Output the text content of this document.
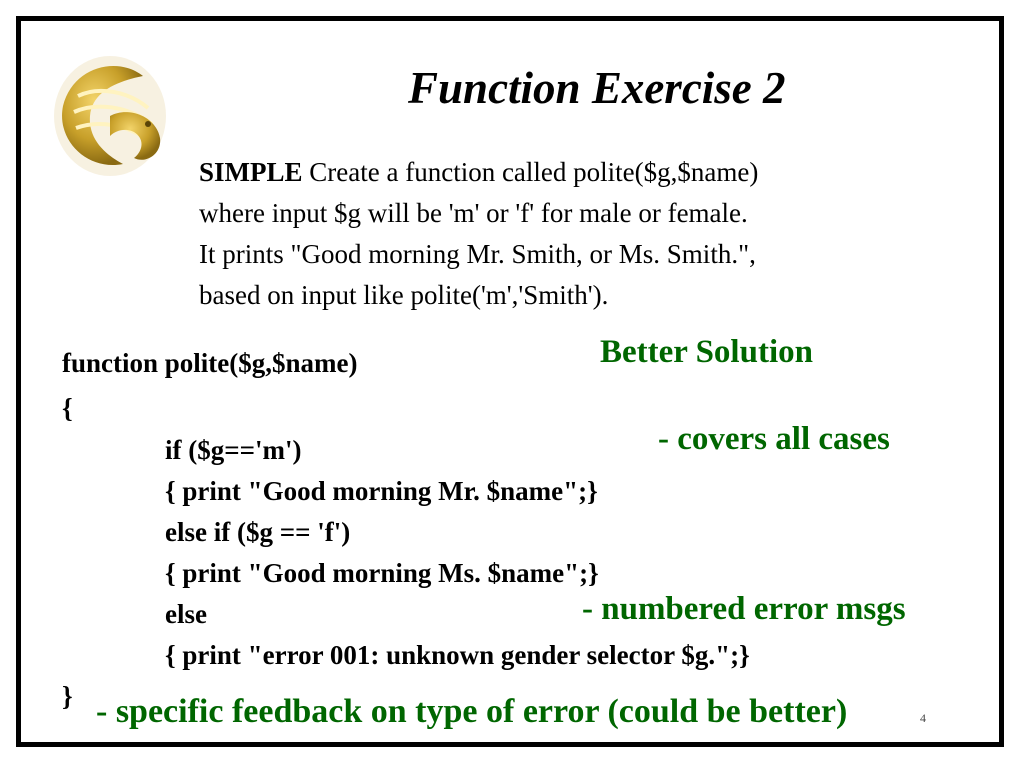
Function Exercise 2
SIMPLE Create a function called polite($g,$name)
where input $g will be 'm' or 'f' for male or female.
It prints "Good morning Mr. Smith, or Ms. Smith.",
based on input like polite('m','Smith').
function polite($g,$name)
{
if ($g=='m')
{ print "Good morning Mr. $name";}
else if ($g == 'f')
{ print "Good morning Ms. $name";}
else
{ print "error 001: unknown gender selector $g.";}
}
Better Solution
- covers all cases
- numbered error msgs
- specific feedback on type of error (could be better)	4
